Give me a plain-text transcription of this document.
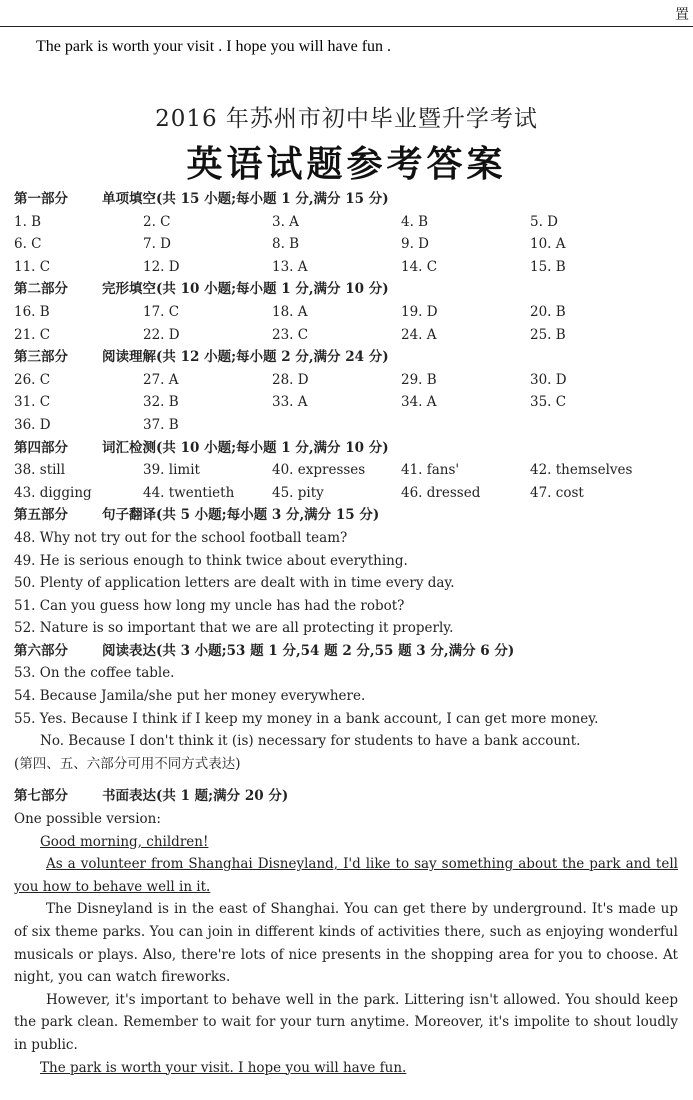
置
The park is worth your visit . I hope you will have fun .
2016 年苏州市初中毕业暨升学考试
英语试题参考答案
第一部分	单项填空(共 15 小题;每小题 1 分,满分 15 分)
1. B	2. C	3. A	4. B	5. D
6. C	7. D	8. B	9. D	10. A
11. C	12. D	13. A	14. C	15. B
第二部分	完形填空(共 10 小题;每小题 1 分,满分 10 分)
16. B	17. C	18. A	19. D	20. B
21. C	22. D	23. C	24. A	25. B
第三部分	阅读理解(共 12 小题;每小题 2 分,满分 24 分)
26. C	27. A	28. D	29. B	30. D
31. C	32. B	33. A	34. A	35. C
36. D	37. B
第四部分	词汇检测(共 10 小题;每小题 1 分,满分 10 分)
38. still	39. limit	40. expresses	41. fans'	42. themselves
43. digging	44. twentieth	45. pity	46. dressed	47. cost
第五部分	句子翻译(共 5 小题;每小题 3 分,满分 15 分)
48. Why not try out for the school football team?
49. He is serious enough to think twice about everything.
50. Plenty of application letters are dealt with in time every day.
51. Can you guess how long my uncle has had the robot?
52. Nature is so important that we are all protecting it properly.
第六部分	阅读表达(共 3 小题;53 题 1 分,54 题 2 分,55 题 3 分,满分 6 分)
53. On the coffee table.
54. Because Jamila/she put her money everywhere.
55. Yes. Because I think if I keep my money in a bank account, I can get more money.
No. Because I don't think it (is) necessary for students to have a bank account.
(第四、五、六部分可用不同方式表达)
第七部分	书面表达(共 1 题;满分 20 分)
One possible version:
Good morning, children!
As a volunteer from Shanghai Disneyland, I'd like to say something about the park and tell you how to behave well in it.
The Disneyland is in the east of Shanghai. You can get there by underground. It's made up of six theme parks. You can join in different kinds of activities there, such as enjoying wonderful musicals or plays. Also, there're lots of nice presents in the shopping area for you to choose. At night, you can watch fireworks.
However, it's important to behave well in the park. Littering isn't allowed. You should keep the park clean. Remember to wait for your turn anytime. Moreover, it's impolite to shout loudly in public.
The park is worth your visit. I hope you will have fun.
